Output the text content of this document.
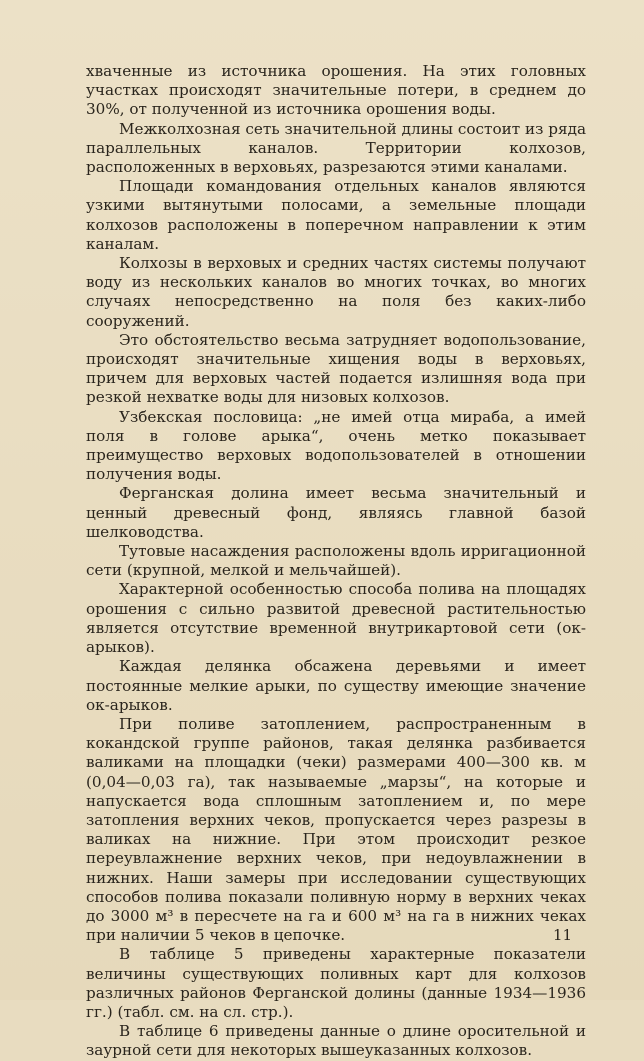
хваченные из источника орошения. На этих головных участках происходят значительные потери, в среднем до 30%, от полученной из источника орошения воды.

Межколхозная сеть значительной длины состоит из ряда параллельных каналов. Территории колхозов, расположенных в верховьях, разрезаются этими каналами.

Площади командования отдельных каналов являются узкими вытянутыми полосами, а земельные площади колхозов расположены в поперечном направлении к этим каналам.

Колхозы в верховых и средних частях системы получают воду из нескольких каналов во многих точках, во многих случаях непосредственно на поля без каких-либо сооружений.

Это обстоятельство весьма затрудняет водопользование, происходят значительные хищения воды в верховьях, причем для верховых частей подается излишняя вода при резкой нехватке воды для низовых колхозов.

Узбекская пословица: „не имей отца мираба, а имей поля в голове арыка“, очень метко показывает преимущество верховых водопользователей в отношении получения воды.

Ферганская долина имеет весьма значительный и ценный древесный фонд, являясь главной базой шелководства.

Тутовые насаждения расположены вдоль ирригационной сети (крупной, мелкой и мельчайшей).

Характерной особенностью способа полива на площадях орошения с сильно развитой древесной растительностью является отсутствие временной внутрикартовой сети (ок-арыков).

Каждая делянка обсажена деревьями и имеет постоянные мелкие арыки, по существу имеющие значение ок-арыков.

При поливе затоплением, распространенным в кокандской группе районов, такая делянка разбивается валиками на площадки (чеки) размерами 400—300 кв. м (0,04—0,03 га), так называемые „марзы“, на которые и напускается вода сплошным затоплением и, по мере затопления верхних чеков, пропускается через разрезы в валиках на нижние. При этом происходит резкое переувлажнение верхних чеков, при недоувлажнении в нижних. Наши замеры при исследовании существующих способов полива показали поливную норму в верхних чеках до 3000 м³ в пересчете на га и 600 м³ на га в нижних чеках при наличии 5 чеков в цепочке.

В таблице 5 приведены характерные показатели величины существующих поливных карт для колхозов различных районов Ферганской долины (данные 1934—1936 гг.) (табл. см. на сл. стр.).

В таблице 6 приведены данные о длине оросительной и заурной сети для некоторых вышеуказанных колхозов.

11
